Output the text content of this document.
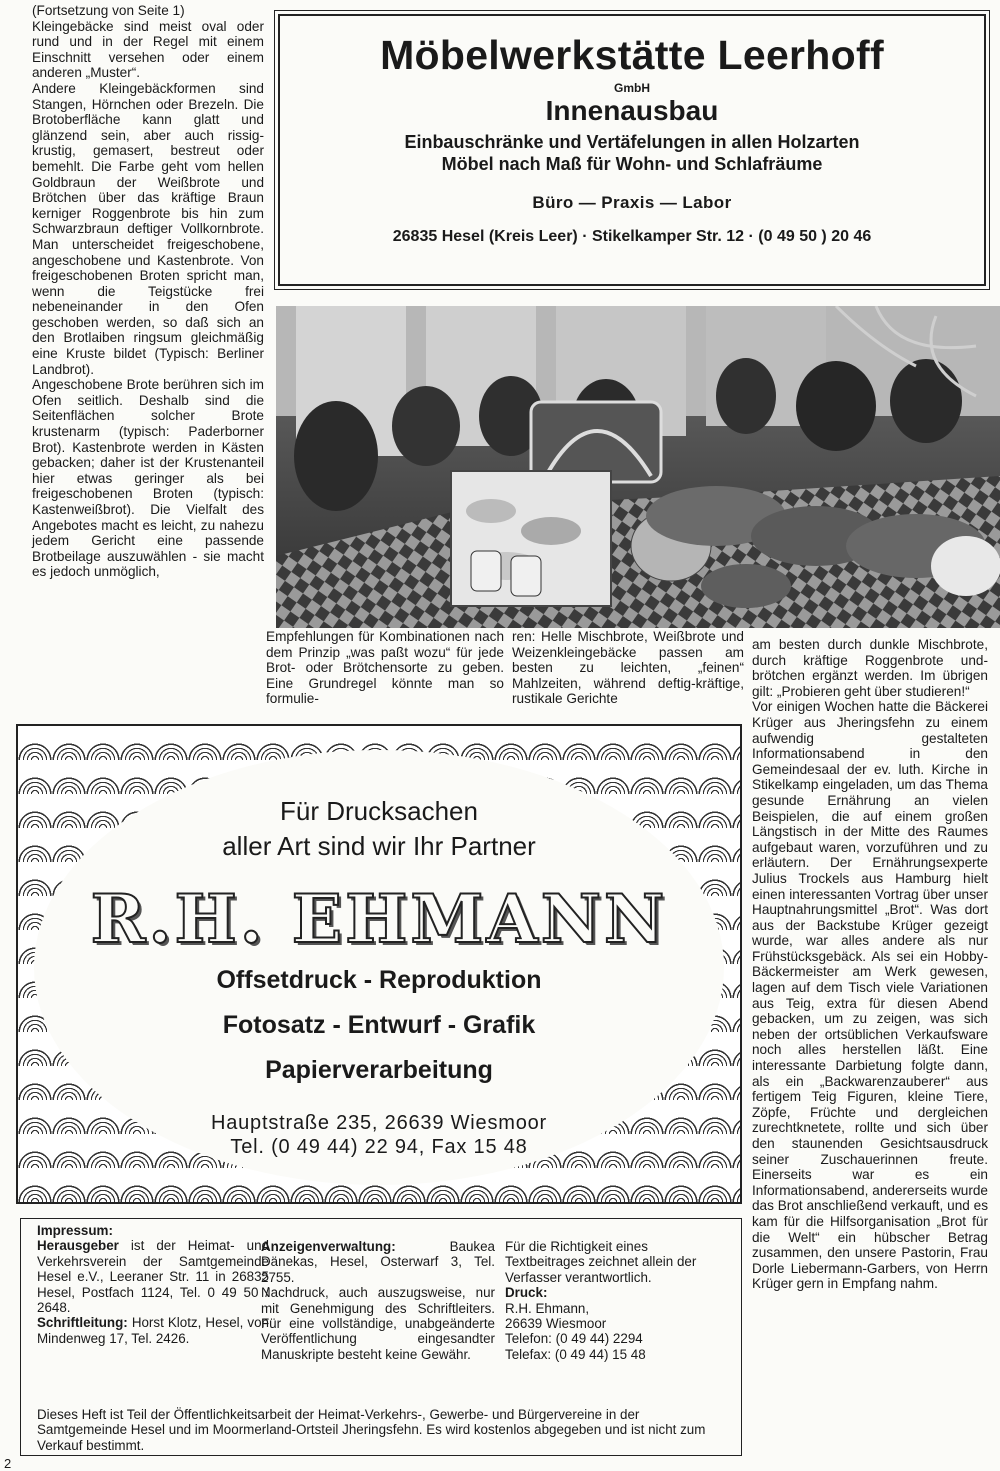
(Fortsetzung von Seite 1)
Kleingebäcke sind meist oval oder rund und in der Regel mit einem Einschnitt versehen oder einem anderen „Muster“.
Andere Kleingebäckformen sind Stangen, Hörnchen oder Brezeln. Die Brotoberfläche kann glatt und glänzend sein, aber auch rissig-krustig, gemasert, bestreut oder bemehlt. Die Farbe geht vom hellen Goldbraun der Weißbrote und Brötchen über das kräftige Braun kerniger Roggenbrote bis hin zum Schwarzbraun deftiger Vollkornbrote. Man unterscheidet freigeschobene, angeschobene und Kastenbrote. Von freigeschobenen Broten spricht man, wenn die Teigstücke frei nebeneinander in den Ofen geschoben werden, so daß sich an den Brotlaiben ringsum gleichmäßig eine Kruste bildet (Typisch: Berliner Landbrot).
Angeschobene Brote berühren sich im Ofen seitlich. Deshalb sind die Seitenflächen solcher Brote krustenarm (typisch: Paderborner Brot). Kastenbrote werden in Kästen gebacken; daher ist der Krustenanteil hier etwas geringer als bei freigeschobenen Broten (typisch: Kastenweißbrot). Die Vielfalt des Angebotes macht es leicht, zu nahezu jedem Gericht eine passende Brotbeilage auszuwählen - sie macht es jedoch unmöglich,

Möbelwerkstätte Leerhoff
GmbH
Innenausbau
Einbauschränke und Vertäfelungen in allen Holzarten
Möbel nach Maß für Wohn- und Schlafräume
Büro — Praxis — Labor
26835 Hesel (Kreis Leer) · Stikelkamper Str. 12 · (0 49 50 ) 20 46

Empfehlungen für Kombinationen nach dem Prinzip „was paßt wozu“ für jede Brot- oder Brötchensorte zu geben. Eine Grundregel könnte man so formulie-

ren: Helle Mischbrote, Weißbrote und Weizenkleingebäcke passen am besten zu leichten, „feinen“ Mahlzeiten, während deftig-kräftige, rustikale Gerichte

am besten durch dunkle Mischbrote, durch kräftige Roggenbrote und- brötchen ergänzt werden. Im übrigen gilt: „Probieren geht über studieren!“
Vor einigen Wochen hatte die Bäckerei Krüger aus Jheringsfehn zu einem aufwendig gestalteten Informationsabend in den Gemeindesaal der ev. luth. Kirche in Stikelkamp eingeladen, um das Thema gesunde Ernährung an vielen Beispielen, die auf einem großen Längstisch in der Mitte des Raumes aufgebaut waren, vorzuführen und zu erläutern. Der Ernährungsexperte Julius Trockels aus Hamburg hielt einen interessanten Vortrag über unser Hauptnahrungsmittel „Brot“. Was dort aus der Backstube Krüger gezeigt wurde, war alles andere als nur Frühstücksgebäck. Als sei ein Hobby-Bäckermeister am Werk gewesen, lagen auf dem Tisch viele Variationen aus Teig, extra für diesen Abend gebacken, um zu zeigen, was sich neben der ortsüblichen Verkaufsware noch alles herstellen läßt. Eine interessante Darbietung folgte dann, als ein „Backwarenzauberer“ aus fertigem Teig Figuren, kleine Tiere, Zöpfe, Früchte und dergleichen zurechtknetete, rollte und sich über den staunenden Gesichtsausdruck seiner Zuschauerinnen freute. Einerseits war es ein Informationsabend, andererseits wurde das Brot anschließend verkauft, und es kam für die Hilfsorganisation „Brot für die Welt“ ein hübscher Betrag zusammen, den unsere Pastorin, Frau Dorle Liebermann-Garbers, von Herrn Krüger gern in Empfang nahm.

Für Drucksachen
aller Art sind wir Ihr Partner
R.H. EHMANN
Offsetdruck - Reproduktion
Fotosatz - Entwurf - Grafik
Papierverarbeitung
Hauptstraße 235, 26639 Wiesmoor
Tel. (0 49 44) 22 94, Fax 15 48
Impressum:
Herausgeber ist der Heimat- und Verkehrsverein der Samtgemeinde Hesel e.V., Leeraner Str. 11 in 26835 Hesel, Postfach 1124, Tel. 0 49 50 / 2648.
Schriftleitung: Horst Klotz, Hesel, von Mindenweg 17, Tel. 2426.
Anzeigenverwaltung:	Baukea Dänekas, Hesel, Osterwarf 3, Tel. 2755.
Nachdruck, auch auszugsweise, nur mit Genehmigung des Schriftleiters. Für eine vollständige, unabgeänderte Veröffentlichung eingesandter Manuskripte besteht keine Gewähr.
Für die Richtigkeit eines Textbeitrages zeichnet allein der Verfasser verantwortlich.
Druck:
R.H. Ehmann,
26639 Wiesmoor
Telefon: (0 49 44) 2294
Telefax: (0 49 44) 15 48
Dieses Heft ist Teil der Öffentlichkeitsarbeit der Heimat-Verkehrs-, Gewerbe- und Bürgervereine in der Samtgemeinde Hesel und im Moormerland-Ortsteil Jheringsfehn. Es wird kostenlos abgegeben und ist nicht zum Verkauf bestimmt.
2
